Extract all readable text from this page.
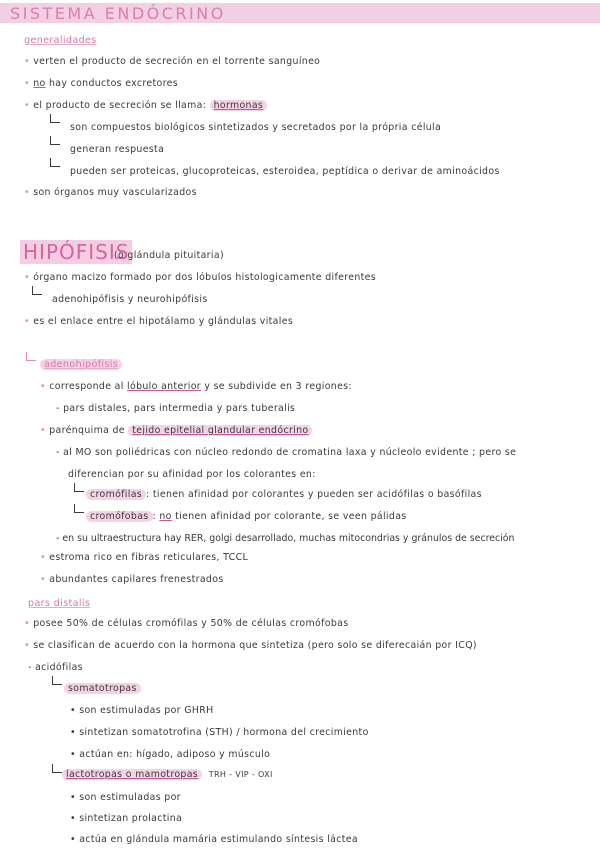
SISTEMA ENDÓCRINO
generalidades
• verten el producto de secreción en el torrente sanguíneo
• no hay conductos excretores
• el producto de secreción se llama: hormonas
son compuestos biológicos sintetizados y secretados por la própria célula
generan respuesta
pueden ser proteicas, glucoproteicas, esteroidea, peptídica o derivar de aminoácidos
• son órganos muy vascularizados
HIPÓFISIS
(o glándula pituitaria)
• órgano macizo formado por dos lóbulos histologicamente diferentes
adenohipófisis y neurohipófisis
• es el enlace entre el hipotálamo y glándulas vitales
adenohipófisis
• corresponde al lóbulo anterior y se subdivide en 3 regiones:
- pars distales, pars intermedia y pars tuberalis
• parénquima de tejido epitelial glandular endócrino
- al MO son poliédricas con núcleo redondo de cromatina laxa y núcleolo evidente ; pero se
diferencian por su afinidad por los colorantes en:
cromófilas : tienen afinidad por colorantes y pueden ser acidófilas o basófilas
cromófobas : no tienen afinidad por colorante, se veen pálidas
- en su ultraestructura hay RER, golgi desarrollado, muchas mitocondrias y gránulos de secreción
• estroma rico en fibras reticulares, TCCL
• abundantes capilares frenestrados
pars distalis
• posee 50% de células cromófilas y 50% de células cromófobas
• se clasifican de acuerdo con la hormona que sintetiza (pero solo se diferecaián por ICQ)
- acidófilas
somatotropas
• son estimuladas por GHRH
• sintetizan somatotrofina (STH) / hormona del crecimiento
• actúan en: hígado, adiposo y músculo
lactotropas o mamotropas TRH - VIP - OXI
• son estimuladas por
• sintetizan prolactina
• actúa en glándula mamária estimulando síntesis láctea
